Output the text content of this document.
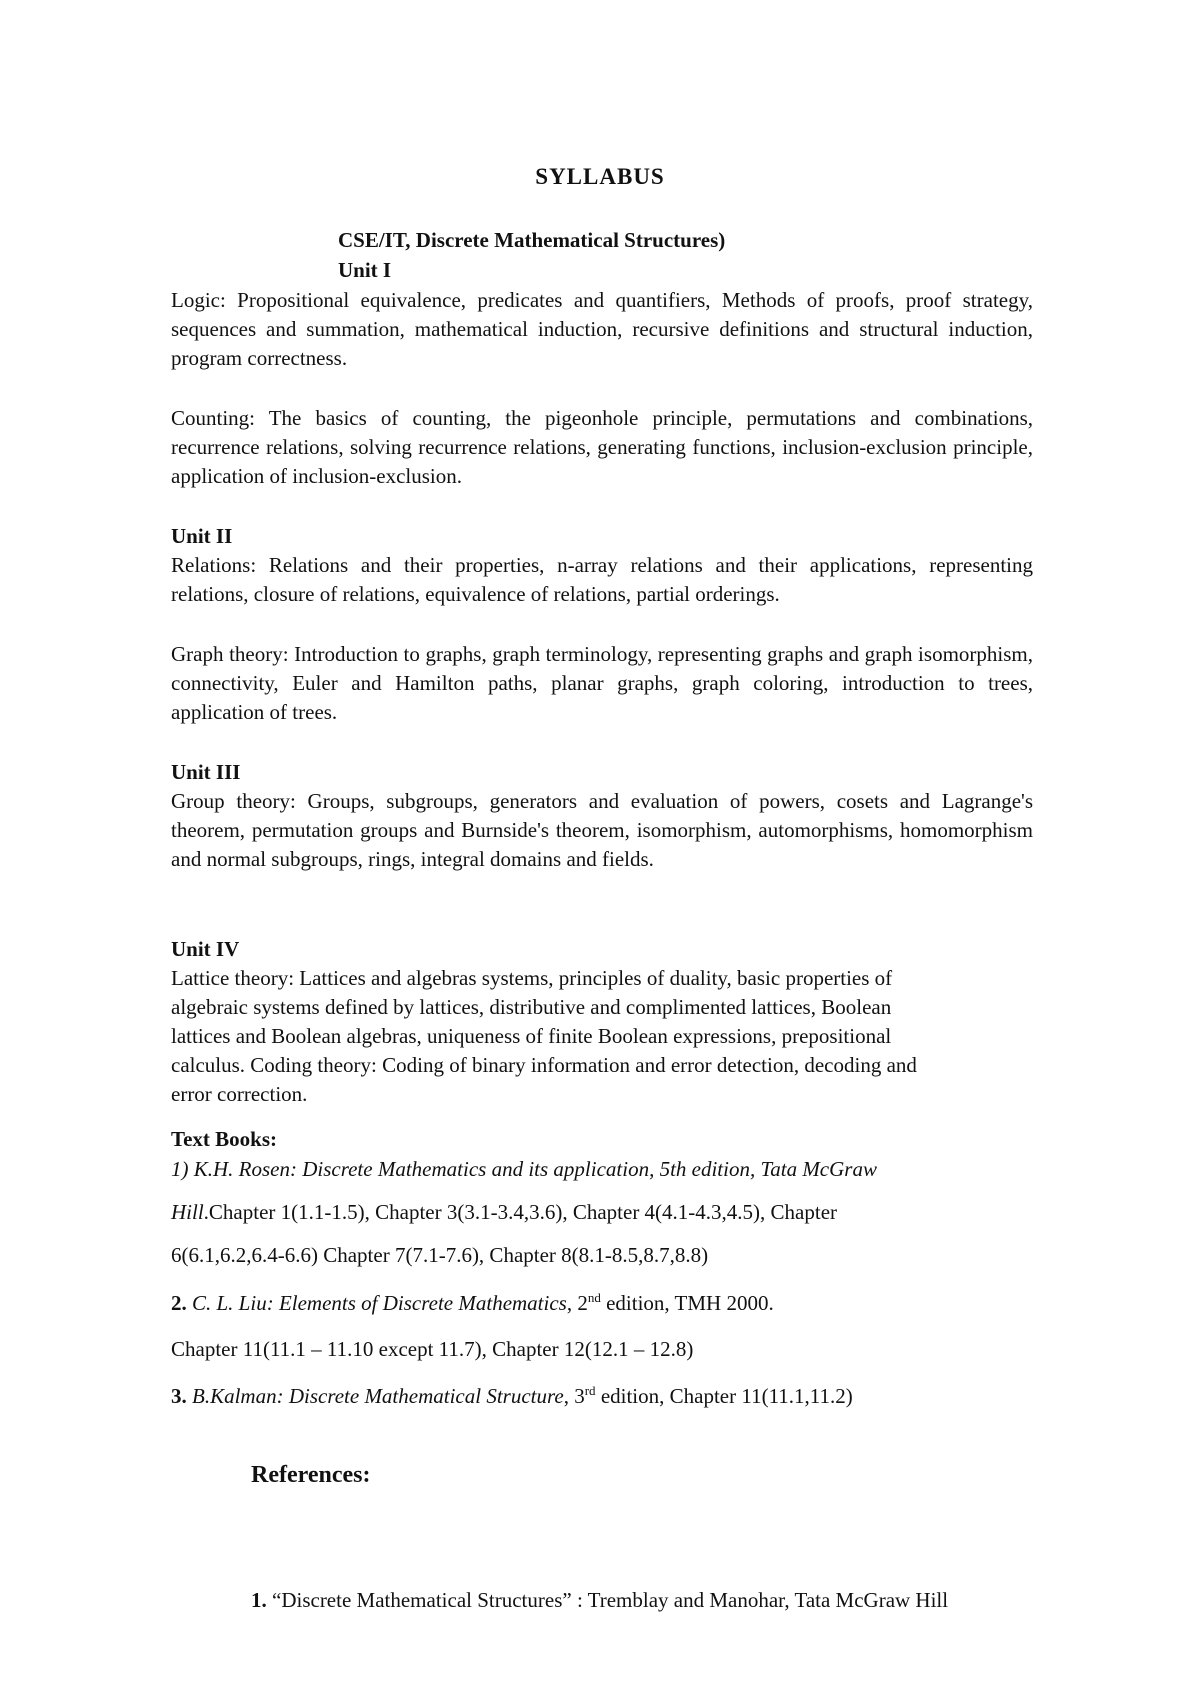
SYLLABUS
CSE/IT, Discrete Mathematical Structures)
Unit I
Logic: Propositional equivalence, predicates and quantifiers, Methods of proofs, proof strategy, sequences and summation, mathematical induction, recursive definitions and structural induction, program correctness.
Counting: The basics of counting, the pigeonhole principle, permutations and combinations, recurrence relations, solving recurrence relations, generating functions, inclusion-exclusion principle, application of inclusion-exclusion.
Unit II
Relations: Relations and their properties, n-array relations and their applications, representing relations, closure of relations, equivalence of relations, partial orderings.
Graph theory: Introduction to graphs, graph terminology, representing graphs and graph isomorphism, connectivity, Euler and Hamilton paths, planar graphs, graph coloring, introduction to trees, application of trees.
Unit III
Group theory: Groups, subgroups, generators and evaluation of powers, cosets and Lagrange's theorem, permutation groups and Burnside's theorem, isomorphism, automorphisms, homomorphism and normal subgroups, rings, integral domains and fields.
Unit IV
Lattice theory: Lattices and algebras systems, principles of duality, basic properties of
algebraic systems defined by lattices, distributive and complimented lattices, Boolean
lattices and Boolean algebras, uniqueness of finite Boolean expressions, prepositional
calculus. Coding theory: Coding of binary information and error detection, decoding and
error correction.
Text Books:
1) K.H. Rosen: Discrete Mathematics and its application, 5th edition, Tata McGraw
Hill.Chapter 1(1.1-1.5), Chapter 3(3.1-3.4,3.6), Chapter 4(4.1-4.3,4.5), Chapter
6(6.1,6.2,6.4-6.6) Chapter 7(7.1-7.6), Chapter 8(8.1-8.5,8.7,8.8)
2. C. L. Liu: Elements of Discrete Mathematics, 2nd edition, TMH 2000.
Chapter 11(11.1 – 11.10 except 11.7), Chapter 12(12.1 – 12.8)
3. B.Kalman: Discrete Mathematical Structure, 3rd edition, Chapter 11(11.1,11.2)
References:
1. “Discrete Mathematical Structures” : Tremblay and Manohar, Tata McGraw Hill
